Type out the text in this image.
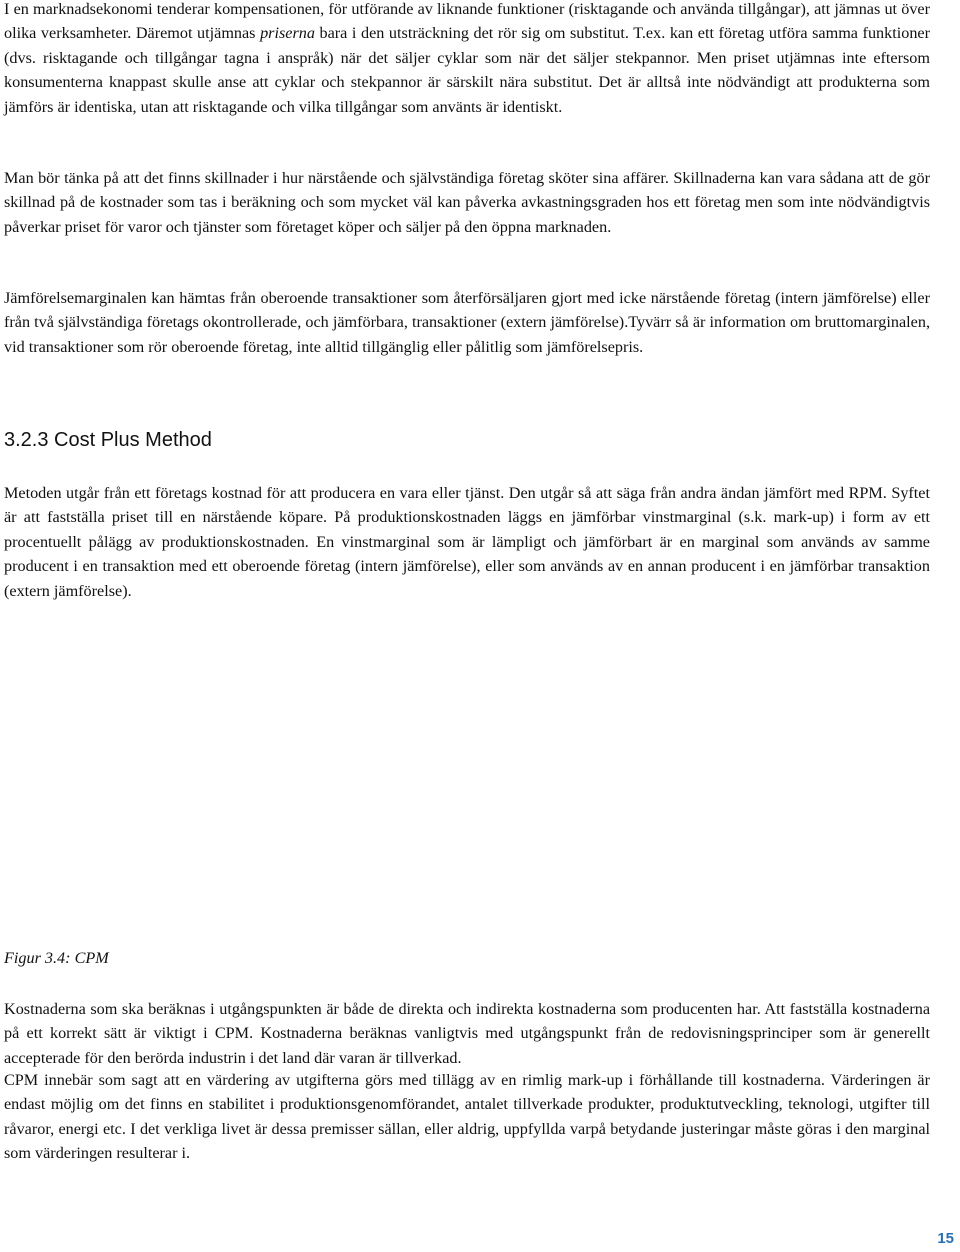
I en marknadsekonomi tenderar kompensationen, för utförande av liknande funktioner (risktagande och använda tillgångar), att jämnas ut över olika verksamheter. Däremot utjämnas priserna bara i den utsträckning det rör sig om substitut. T.ex. kan ett företag utföra samma funktioner (dvs. risktagande och tillgångar tagna i anspråk) när det säljer cyklar som när det säljer stekpannor. Men priset utjämnas inte eftersom konsumenterna knappast skulle anse att cyklar och stekpannor är särskilt nära substitut. Det är alltså inte nödvändigt att produkterna som jämförs är identiska, utan att risktagande och vilka tillgångar som använts är identiskt.

Man bör tänka på att det finns skillnader i hur närstående och självständiga företag sköter sina affärer. Skillnaderna kan vara sådana att de gör skillnad på de kostnader som tas i beräkning och som mycket väl kan påverka avkastningsgraden hos ett företag men som inte nödvändigtvis påverkar priset för varor och tjänster som företaget köper och säljer på den öppna marknaden.

Jämförelsemarginalen kan hämtas från oberoende transaktioner som återförsäljaren gjort med icke närstående företag (intern jämförelse) eller från två självständiga företags okontrollerade, och jämförbara, transaktioner (extern jämförelse).Tyvärr så är information om bruttomarginalen, vid transaktioner som rör oberoende företag, inte alltid tillgänglig eller pålitlig som jämförelsepris.

3.2.3 Cost Plus Method

Metoden utgår från ett företags kostnad för att producera en vara eller tjänst. Den utgår så att säga från andra ändan jämfört med RPM. Syftet är att fastställa priset till en närstående köpare. På produktionskostnaden läggs en jämförbar vinstmarginal (s.k. mark-up) i form av ett procentuellt pålägg av produktionskostnaden. En vinstmarginal som är lämpligt och jämförbart är en marginal som används av samme producent i en transaktion med ett oberoende företag (intern jämförelse), eller som används av en annan producent i en jämförbar transaktion (extern jämförelse).

Figur 3.4: CPM

Kostnaderna som ska beräknas i utgångspunkten är både de direkta och indirekta kostnaderna som producenten har. Att fastställa kostnaderna på ett korrekt sätt är viktigt i CPM. Kostnaderna beräknas vanligtvis med utgångspunkt från de redovisningsprinciper som är generellt accepterade för den berörda industrin i det land där varan är tillverkad.

CPM innebär som sagt att en värdering av utgifterna görs med tillägg av en rimlig mark-up i förhållande till kostnaderna. Värderingen är endast möjlig om det finns en stabilitet i produktionsgenomförandet, antalet tillverkade produkter, produktutveckling, teknologi, utgifter till råvaror, energi etc. I det verkliga livet är dessa premisser sällan, eller aldrig, uppfyllda varpå betydande justeringar måste göras i den marginal som värderingen resulterar i.

15
